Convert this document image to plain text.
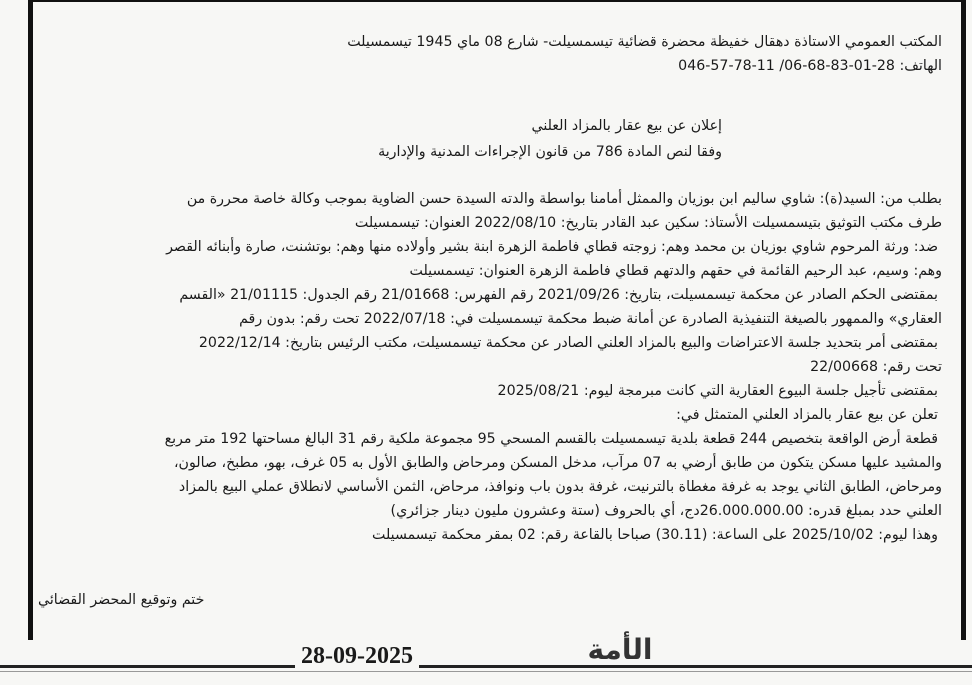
المكتب العمومي الاستاذة دهقال خفيظة محضرة قضائية تيسمسيلت- شارع 08 ماي 1945 تيسمسيلت
الهاتف: 28-01-83-68-06/ 11-78-57-046
إعلان عن بيع عقار بالمزاد العلني
وفقا لنص المادة 786 من قانون الإجراءات المدنية والإدارية
بطلب من: السيد(ة): شاوي ساليم ابن بوزيان والممثل أمامنا بواسطة والدته السيدة حسن الضاوية بموجب وكالة خاصة محررة من
طرف مكتب التوثيق بتيسمسيلت الأستاذ: سكين عبد القادر بتاريخ: 2022/08/10 العنوان: تيسمسيلت
ضد: ورثة المرحوم شاوي بوزيان بن محمد وهم: زوجته قطاي فاطمة الزهرة ابنة بشير وأولاده منها وهم: بوتشنت، صارة وأبنائه القصر
وهم: وسيم، عبد الرحيم القائمة في حقهم والدتهم قطاي فاطمة الزهرة العنوان: تيسمسيلت
بمقتضى الحكم الصادر عن محكمة تيسمسيلت، بتاريخ: 2021/09/26 رقم الفهرس: 21/01668 رقم الجدول: 21/01115 «القسم
العقاري» والممهور بالصيغة التنفيذية الصادرة عن أمانة ضبط محكمة تيسمسيلت في: 2022/07/18 تحت رقم: بدون رقم
بمقتضى أمر بتحديد جلسة الاعتراضات والبيع بالمزاد العلني الصادر عن محكمة تيسمسيلت، مكتب الرئيس بتاريخ: 2022/12/14
تحت رقم: 22/00668
بمقتضى تأجيل جلسة البيوع العقارية التي كانت مبرمجة ليوم: 2025/08/21
تعلن عن بيع عقار بالمزاد العلني المتمثل في:
قطعة أرض الواقعة بتخصيص 244 قطعة بلدية تيسمسيلت بالقسم المسحي 95 مجموعة ملكية رقم 31 البالغ مساحتها 192 متر مربع
والمشيد عليها مسكن يتكون من طابق أرضي به 07 مرآب، مدخل المسكن ومرحاض والطابق الأول به 05 غرف، بهو، مطبخ، صالون،
ومرحاض، الطابق الثاني يوجد به غرفة مغطاة بالترنيت، غرفة بدون باب ونوافذ، مرحاض، الثمن الأساسي لانطلاق عملي البيع بالمزاد
العلني حدد بمبلغ قدره: 26.000.000.00دج، أي بالحروف (ستة وعشرون مليون دينار جزائري)
وهذا ليوم: 2025/10/02 على الساعة: (30.11) صباحا بالقاعة رقم: 02 بمقر محكمة تيسمسيلت
ختم وتوقيع المحضر القضائي
28-09-2025	الأمة
